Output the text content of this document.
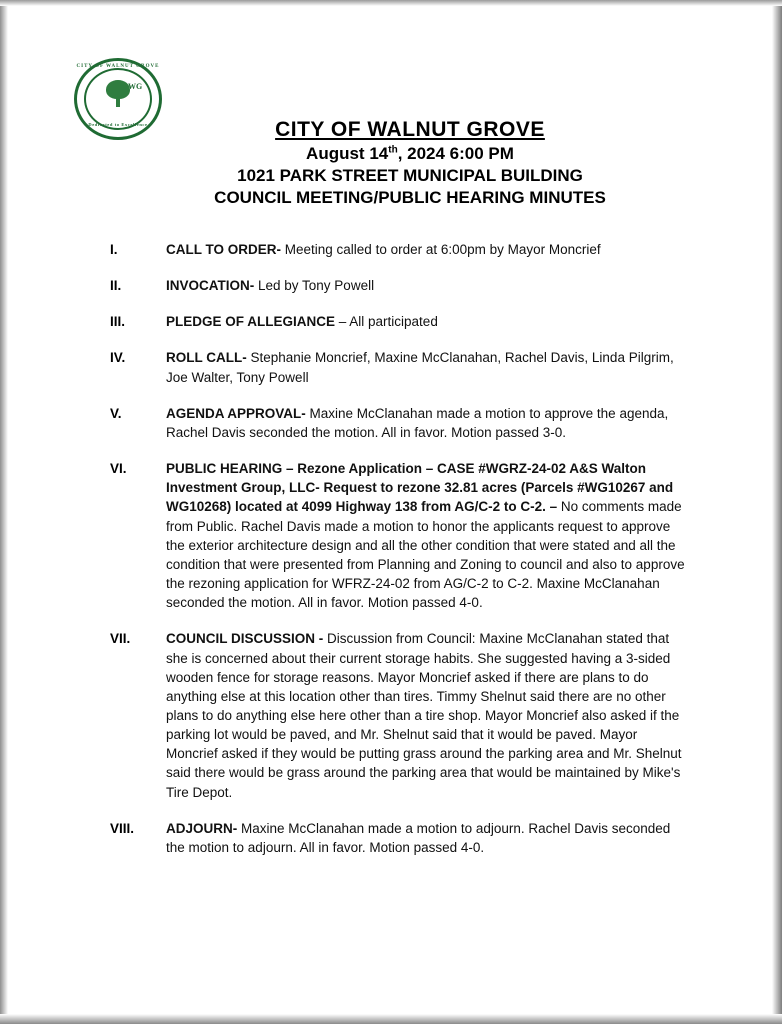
CITY OF WALNUT GROVE
Dedicated to Excellence
WG
CITY OF WALNUT GROVE
August 14th, 2024 6:00 PM
1021 PARK STREET MUNICIPAL BUILDING
COUNCIL MEETING/PUBLIC HEARING MINUTES
I.	CALL TO ORDER- Meeting called to order at 6:00pm by Mayor Moncrief
II.	INVOCATION- Led by Tony Powell
III.	PLEDGE OF ALLEGIANCE – All participated
IV.	ROLL CALL- Stephanie Moncrief, Maxine McClanahan, Rachel Davis, Linda Pilgrim, Joe Walter, Tony Powell
V.	AGENDA APPROVAL- Maxine McClanahan made a motion to approve the agenda, Rachel Davis seconded the motion. All in favor. Motion passed 3-0.
VI.	PUBLIC HEARING – Rezone Application – CASE #WGRZ-24-02 A&S Walton Investment Group, LLC- Request to rezone 32.81 acres (Parcels #WG10267 and WG10268) located at 4099 Highway 138 from AG/C-2 to C-2. – No comments made from Public. Rachel Davis made a motion to honor the applicants request to approve the exterior architecture design and all the other condition that were stated and all the condition that were presented from Planning and Zoning to council and also to approve the rezoning application for WFRZ-24-02 from AG/C-2 to C-2. Maxine McClanahan seconded the motion. All in favor. Motion passed 4-0.
VII.	COUNCIL DISCUSSION - Discussion from Council: Maxine McClanahan stated that she is concerned about their current storage habits. She suggested having a 3-sided wooden fence for storage reasons. Mayor Moncrief asked if there are plans to do anything else at this location other than tires. Timmy Shelnut said there are no other plans to do anything else here other than a tire shop. Mayor Moncrief also asked if the parking lot would be paved, and Mr. Shelnut said that it would be paved. Mayor Moncrief asked if they would be putting grass around the parking area and Mr. Shelnut said there would be grass around the parking area that would be maintained by Mike's Tire Depot.
VIII.	ADJOURN- Maxine McClanahan made a motion to adjourn. Rachel Davis seconded the motion to adjourn. All in favor. Motion passed 4-0.
